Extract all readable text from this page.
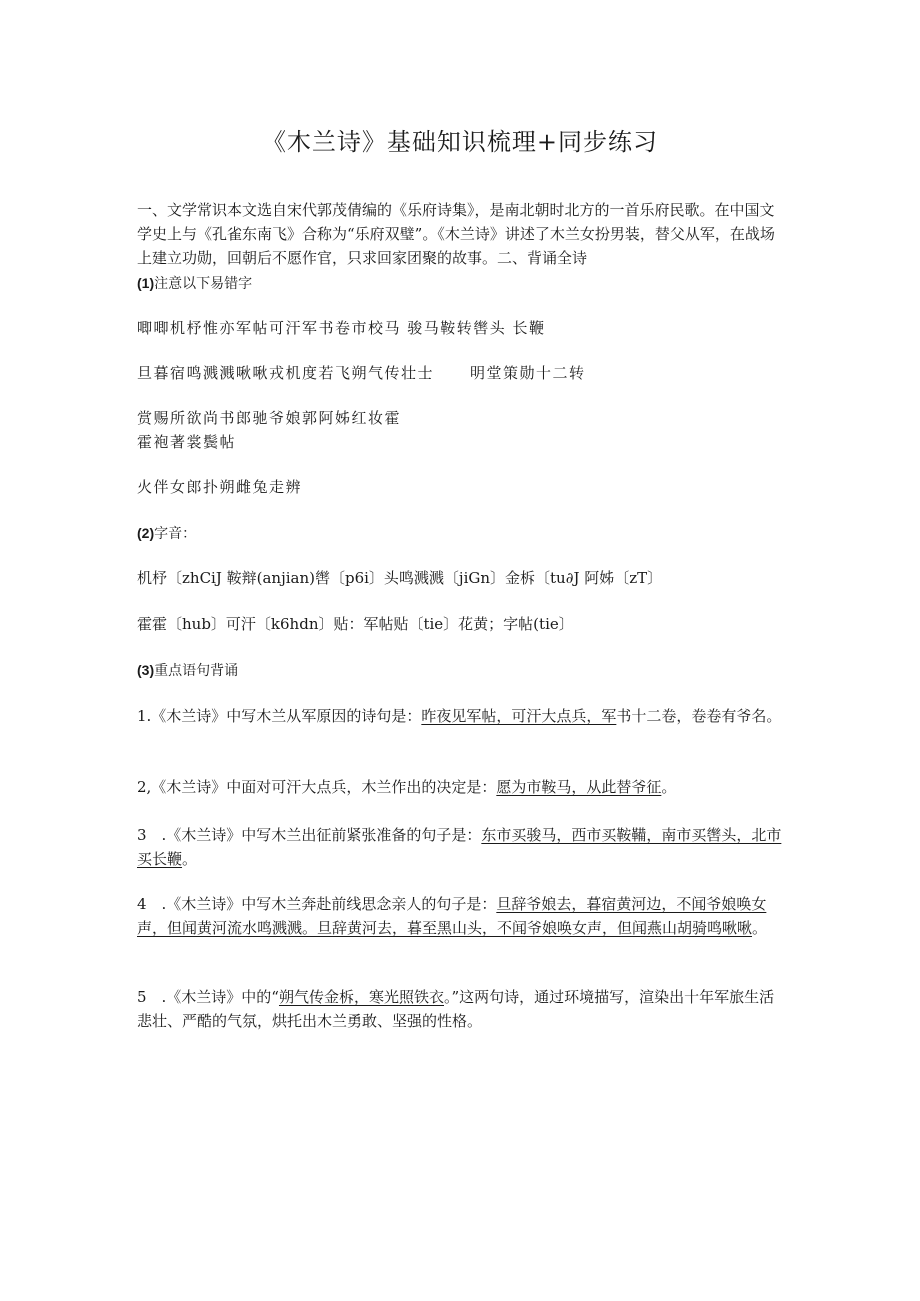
《木兰诗》基础知识梳理+同步练习

一、文学常识本文选自宋代郭茂倩编的《乐府诗集》，是南北朝时北方的一首乐府民歌。在中国文学史上与《孔雀东南飞》合称为“乐府双璧”。《木兰诗》讲述了木兰女扮男装，替父从军，在战场上建立功勋，回朝后不愿作官，只求回家团聚的故事。二、背诵全诗

(1)注意以下易错字

唧唧机杼惟亦军帖可汗军书卷市校马 骏马鞍转辔头 长鞭

旦暮宿鸣溅溅啾啾戎机度若飞朔气传壮士 明堂策勋十二转

赏赐所欲尚书郎驰爷娘郭阿姊红妆霍

霍袍著裳鬓帖

火伴女郎扑朔雌兔走辨

(2)字音：

机杼〔zhCiJ 鞍辩(anjian)辔〔p6i〕头鸣溅溅〔jiGn〕金柝〔tu∂J 阿姊〔zT〕

霍霍〔hub〕可汗〔k6hdn〕贴：军帖贴〔tie〕花黄；字帖(tie〕

(3)重点语句背诵

1.《木兰诗》中写木兰从军原因的诗句是：昨夜见军帖，可汗大点兵，军书十二卷，卷卷有爷名。

2,《木兰诗》中面对可汗大点兵，木兰作出的决定是：愿为市鞍马，从此替爷征。

3　.《木兰诗》中写木兰出征前紧张准备的句子是：东市买骏马，西市买鞍鞴，南市买辔头，北市买长鞭。

4　.《木兰诗》中写木兰奔赴前线思念亲人的句子是：旦辞爷娘去，暮宿黄河边，不闻爷娘唤女声，但闻黄河流水鸣溅溅。旦辞黄河去，暮至黑山头，不闻爷娘唤女声，但闻燕山胡骑鸣啾啾。

5　.《木兰诗》中的“朔气传金柝，寒光照铁衣。”这两句诗，通过环境描写，渲染出十年军旅生活悲壮、严酷的气氛，烘托出木兰勇敢、坚强的性格。
